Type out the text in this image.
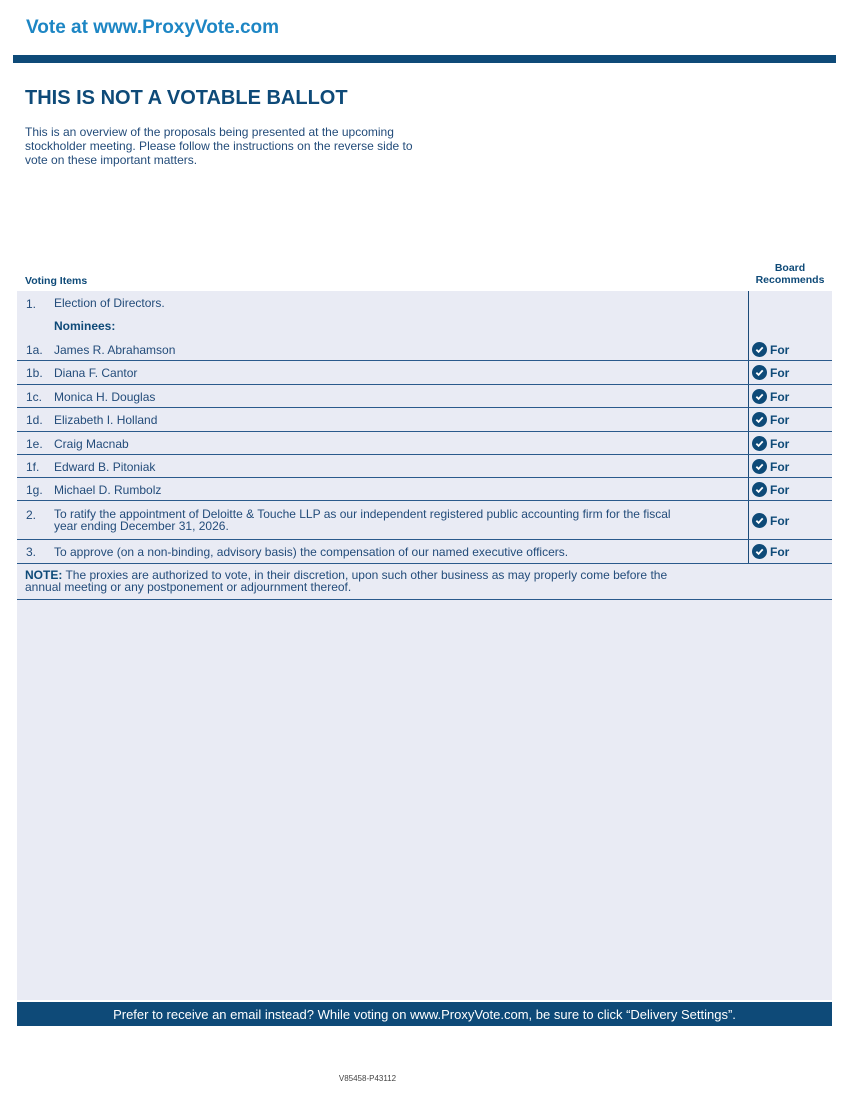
Vote at www.ProxyVote.com
THIS IS NOT A VOTABLE BALLOT
This is an overview of the proposals being presented at the upcoming stockholder meeting. Please follow the instructions on the reverse side to vote on these important matters.
Voting Items
Board
Recommends
1. Election of Directors.
Nominees:
1a. James R. Abrahamson	For
1b. Diana F. Cantor	For
1c. Monica H. Douglas	For
1d. Elizabeth I. Holland	For
1e. Craig Macnab	For
1f. Edward B. Pitoniak	For
1g. Michael D. Rumbolz	For
2. To ratify the appointment of Deloitte & Touche LLP as our independent registered public accounting firm for the fiscal
year ending December 31, 2026.	For
3. To approve (on a non-binding, advisory basis) the compensation of our named executive officers.	For
NOTE: The proxies are authorized to vote, in their discretion, upon such other business as may properly come before the
annual meeting or any postponement or adjournment thereof.
Prefer to receive an email instead? While voting on www.ProxyVote.com, be sure to click “Delivery Settings”.
V85458-P43112
